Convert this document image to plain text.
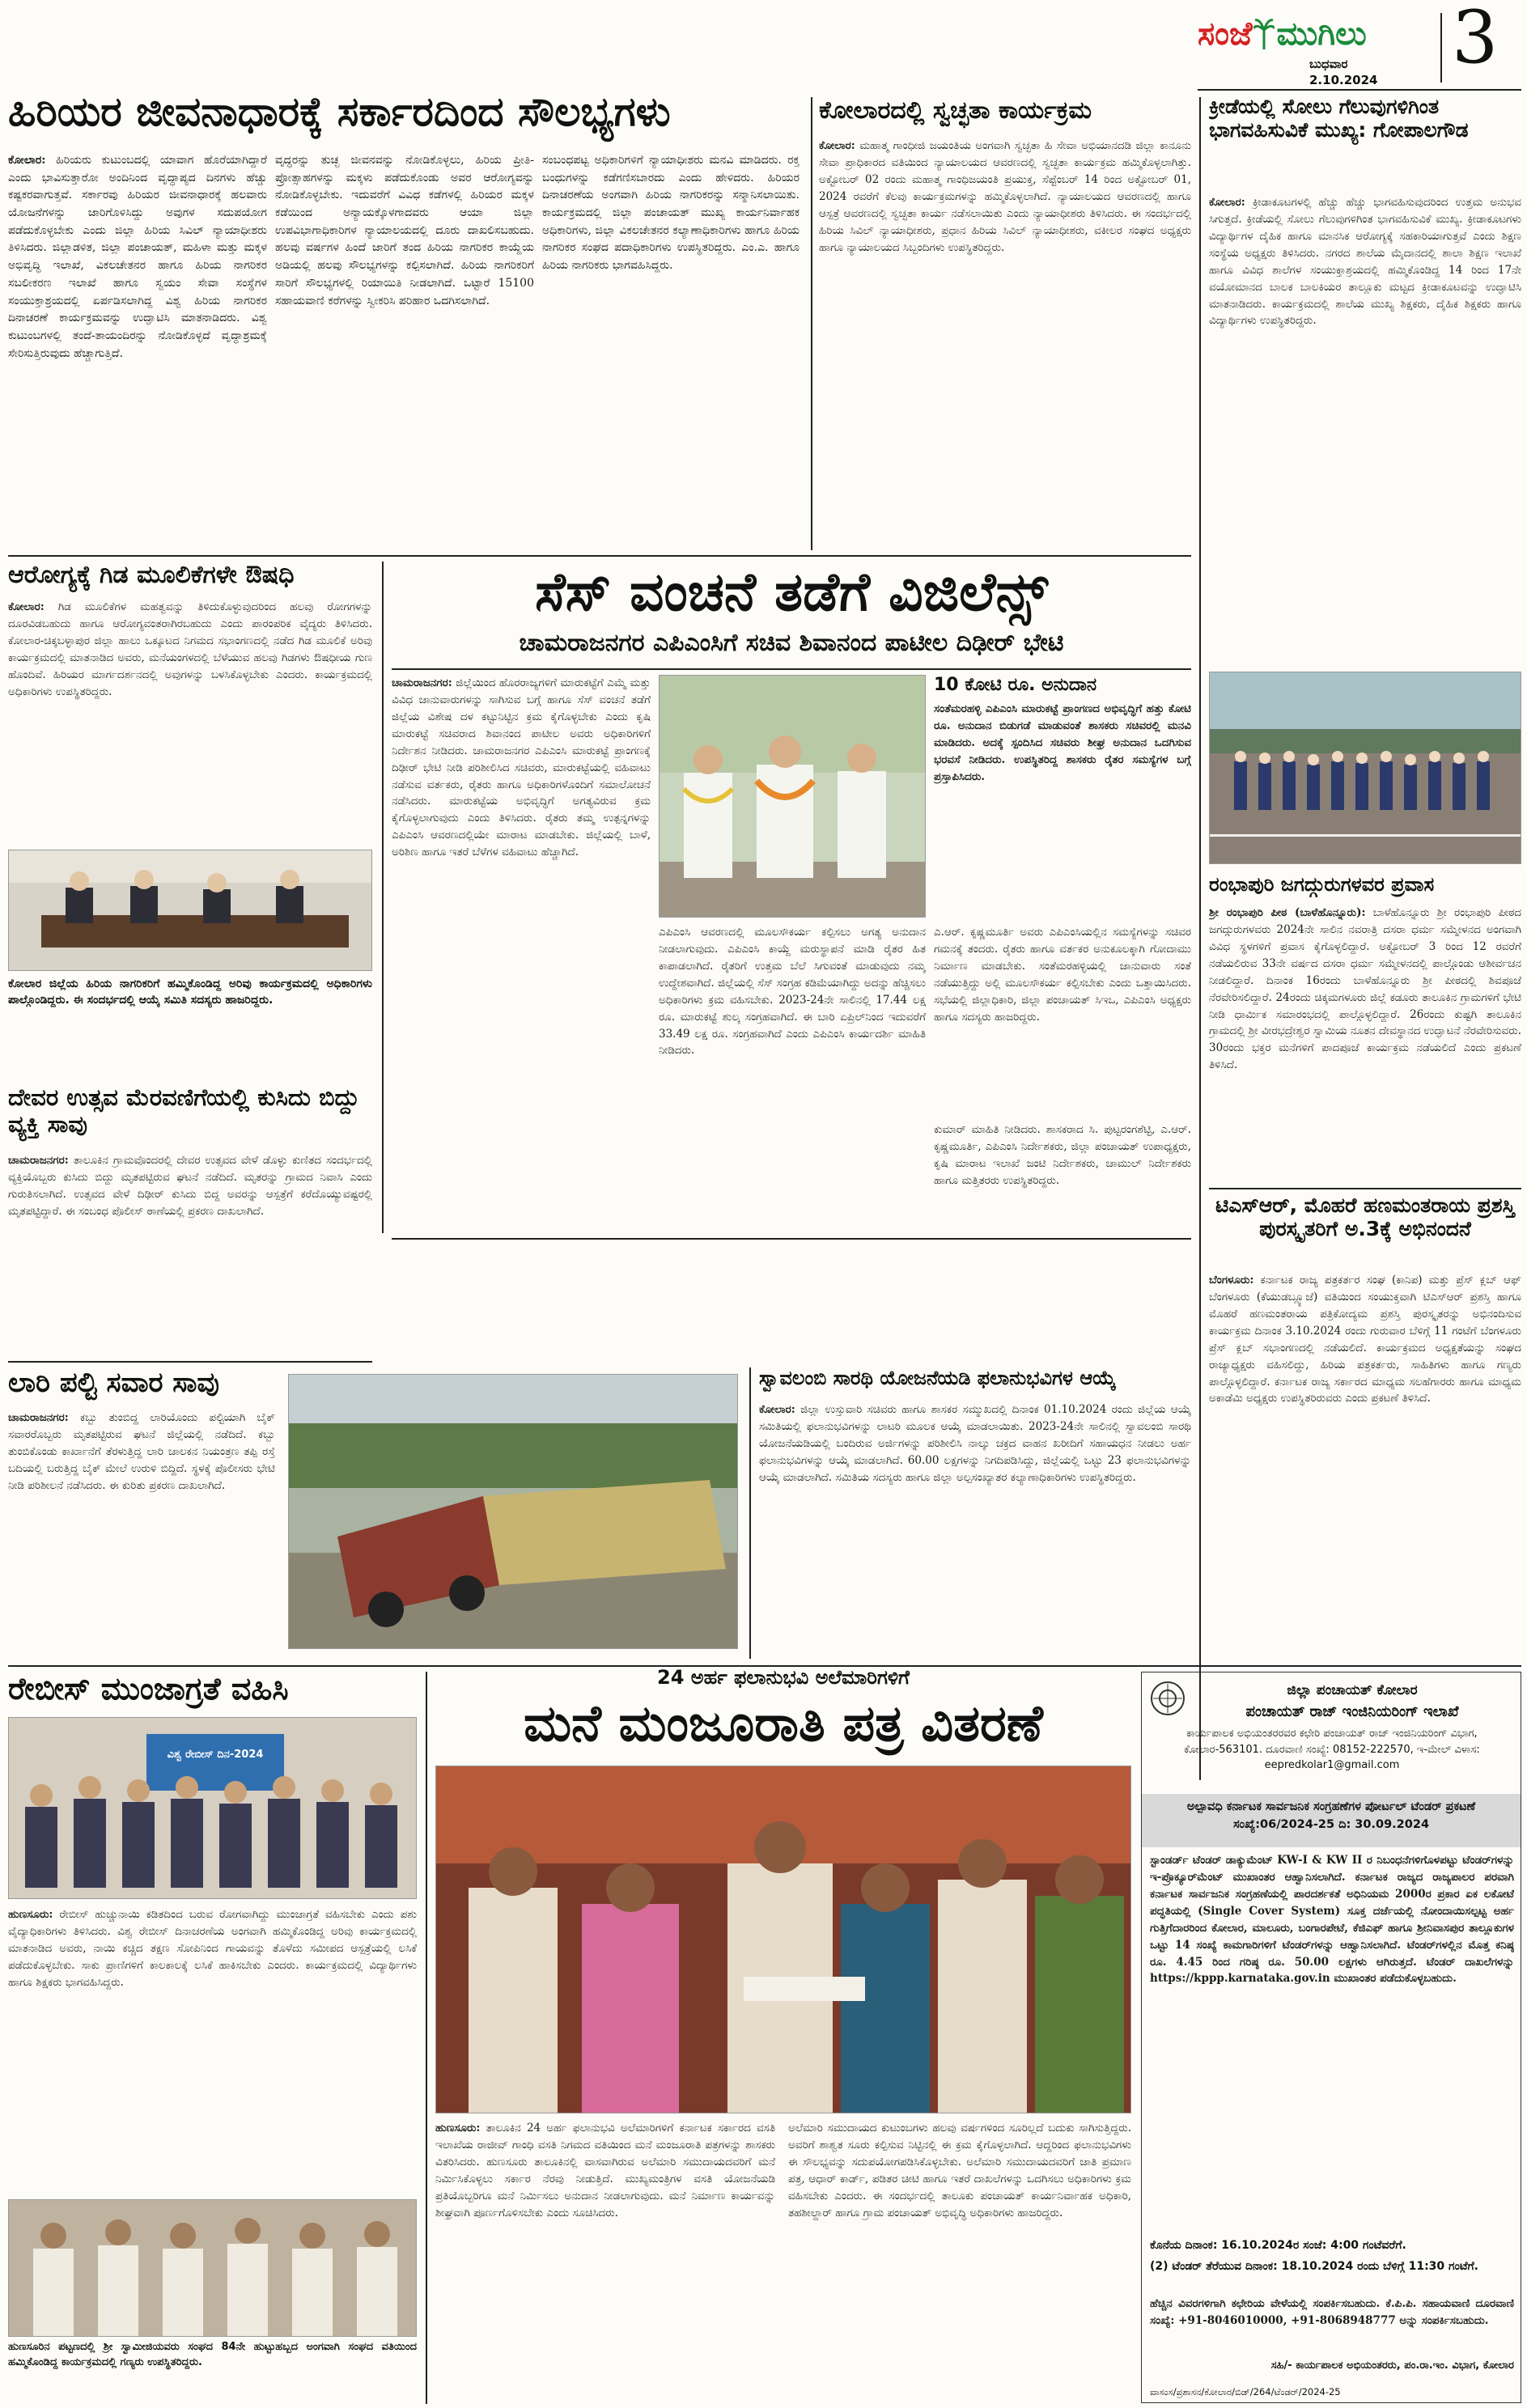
ಸಂಜೆ ಮುಗಿಲು
ಬುಧವಾರ
2.10.2024 3
ಹಿರಿಯರ ಜೀವನಾಧಾರಕ್ಕೆ ಸರ್ಕಾರದಿಂದ ಸೌಲಭ್ಯಗಳು
ಕೋಲಾರ: ಹಿರಿಯರು ಕುಟುಂಬದಲ್ಲಿ ಯಾವಾಗ ಹೊರೆಯಾಗಿದ್ದಾರೆ ಎಂದು ಭಾವಿಸುತ್ತಾರೋ ಅಂದಿನಿಂದ ವೃದ್ಧಾಪ್ಯದ ದಿನಗಳು ಹೆಚ್ಚು ಕಷ್ಟಕರವಾಗುತ್ತವೆ. ಸರ್ಕಾರವು ಹಿರಿಯರ ಜೀವನಾಧಾರಕ್ಕೆ ಹಲವಾರು ಯೋಜನೆಗಳನ್ನು ಜಾರಿಗೊಳಿಸಿದ್ದು ಅವುಗಳ ಸದುಪಯೋಗ ಪಡೆದುಕೊಳ್ಳಬೇಕು ಎಂದು ಜಿಲ್ಲಾ ಹಿರಿಯ ಸಿವಿಲ್ ನ್ಯಾಯಾಧೀಶರು ತಿಳಿಸಿದರು. ಜಿಲ್ಲಾಡಳಿತ, ಜಿಲ್ಲಾ ಪಂಚಾಯತ್, ಮಹಿಳಾ ಮತ್ತು ಮಕ್ಕಳ ಅಭಿವೃದ್ಧಿ ಇಲಾಖೆ, ವಿಕಲಚೇತನರ ಹಾಗೂ ಹಿರಿಯ ನಾಗರಿಕರ ಸಬಲೀಕರಣ ಇಲಾಖೆ ಹಾಗೂ ಸ್ವಯಂ ಸೇವಾ ಸಂಸ್ಥೆಗಳ ಸಂಯುಕ್ತಾಶ್ರಯದಲ್ಲಿ ಏರ್ಪಡಿಸಲಾಗಿದ್ದ ವಿಶ್ವ ಹಿರಿಯ ನಾಗರಿಕರ ದಿನಾಚರಣೆ ಕಾರ್ಯಕ್ರಮವನ್ನು ಉದ್ಘಾಟಿಸಿ ಮಾತನಾಡಿದರು. ವಿಶ್ವ ಕುಟುಂಬಗಳಲ್ಲಿ ತಂದೆ-ತಾಯಂದಿರನ್ನು ನೋಡಿಕೊಳ್ಳದೆ ವೃದ್ಧಾಶ್ರಮಕ್ಕೆ ಸೇರಿಸುತ್ತಿರುವುದು ಹೆಚ್ಚಾಗುತ್ತಿದೆ.
ವೃದ್ಧರನ್ನು ತುಚ್ಛ ಜೀವನವನ್ನು ನೋಡಿಕೊಳ್ಳಲು, ಹಿರಿಯ ಪ್ರೀತಿ-ಪ್ರೋತ್ಸಾಹಗಳನ್ನು ಮಕ್ಕಳು ಪಡೆದುಕೊಂಡು ಅವರ ಆರೋಗ್ಯವನ್ನು ನೋಡಿಕೊಳ್ಳಬೇಕು. ಇದುವರೆಗೆ ವಿವಿಧ ಕಡೆಗಳಲ್ಲಿ ಹಿರಿಯರ ಮಕ್ಕಳ ಕಡೆಯಿಂದ ಅನ್ಯಾಯಕ್ಕೊಳಗಾದವರು ಆಯಾ ಜಿಲ್ಲಾ ಉಪವಿಭಾಗಾಧಿಕಾರಿಗಳ ನ್ಯಾಯಾಲಯದಲ್ಲಿ ದೂರು ದಾಖಲಿಸಬಹುದು. ಹಲವು ವರ್ಷಗಳ ಹಿಂದೆ ಜಾರಿಗೆ ತಂದ ಹಿರಿಯ ನಾಗರಿಕರ ಕಾಯ್ದೆಯ ಅಡಿಯಲ್ಲಿ ಹಲವು ಸೌಲಭ್ಯಗಳನ್ನು ಕಲ್ಪಿಸಲಾಗಿದೆ. ಹಿರಿಯ ನಾಗರಿಕರಿಗೆ ಸಾರಿಗೆ ಸೌಲಭ್ಯಗಳಲ್ಲಿ ರಿಯಾಯಿತಿ ನೀಡಲಾಗಿದೆ. ಒಟ್ಟಾರೆ 15100 ಸಹಾಯವಾಣಿ ಕರೆಗಳನ್ನು ಸ್ವೀಕರಿಸಿ ಪರಿಹಾರ ಒದಗಿಸಲಾಗಿದೆ.
ಸಂಬಂಧಪಟ್ಟ ಅಧಿಕಾರಿಗಳಿಗೆ ನ್ಯಾಯಾಧೀಶರು ಮನವಿ ಮಾಡಿದರು. ರಕ್ತ ಬಂಧುಗಳನ್ನು ಕಡೆಗಣಿಸಬಾರದು ಎಂದು ಹೇಳಿದರು. ಹಿರಿಯರ ದಿನಾಚರಣೆಯ ಅಂಗವಾಗಿ ಹಿರಿಯ ನಾಗರಿಕರನ್ನು ಸನ್ಮಾನಿಸಲಾಯಿತು. ಕಾರ್ಯಕ್ರಮದಲ್ಲಿ ಜಿಲ್ಲಾ ಪಂಚಾಯತ್ ಮುಖ್ಯ ಕಾರ್ಯನಿರ್ವಾಹಕ ಅಧಿಕಾರಿಗಳು, ಜಿಲ್ಲಾ ವಿಕಲಚೇತನರ ಕಲ್ಯಾಣಾಧಿಕಾರಿಗಳು ಹಾಗೂ ಹಿರಿಯ ನಾಗರಿಕರ ಸಂಘದ ಪದಾಧಿಕಾರಿಗಳು ಉಪಸ್ಥಿತರಿದ್ದರು. ಎಂ.ಎ. ಹಾಗೂ ಹಿರಿಯ ನಾಗರಿಕರು ಭಾಗವಹಿಸಿದ್ದರು.
ಕೋಲಾರದಲ್ಲಿ ಸ್ವಚ್ಛತಾ ಕಾರ್ಯಕ್ರಮ
ಕೋಲಾರ: ಮಹಾತ್ಮ ಗಾಂಧೀಜಿ ಜಯಂತಿಯ ಅಂಗವಾಗಿ ಸ್ವಚ್ಛತಾ ಹಿ ಸೇವಾ ಅಭಿಯಾನದಡಿ ಜಿಲ್ಲಾ ಕಾನೂನು ಸೇವಾ ಪ್ರಾಧಿಕಾರದ ವತಿಯಿಂದ ನ್ಯಾಯಾಲಯದ ಆವರಣದಲ್ಲಿ ಸ್ವಚ್ಛತಾ ಕಾರ್ಯಕ್ರಮ ಹಮ್ಮಿಕೊಳ್ಳಲಾಗಿತ್ತು. ಅಕ್ಟೋಬರ್ 02 ರಂದು ಮಹಾತ್ಮ ಗಾಂಧಿಜಯಂತಿ ಪ್ರಯುಕ್ತ, ಸೆಪ್ಟೆಂಬರ್ 14 ರಿಂದ ಅಕ್ಟೋಬರ್ 01, 2024 ರವರೆಗೆ ಕೆಲವು ಕಾರ್ಯಕ್ರಮಗಳನ್ನು ಹಮ್ಮಿಕೊಳ್ಳಲಾಗಿದೆ. ನ್ಯಾಯಾಲಯದ ಆವರಣದಲ್ಲಿ ಹಾಗೂ ಆಸ್ಪತ್ರೆ ಆವರಣದಲ್ಲಿ ಸ್ವಚ್ಛತಾ ಕಾರ್ಯ ನಡೆಸಲಾಯಿತು ಎಂದು ನ್ಯಾಯಾಧೀಶರು ತಿಳಿಸಿದರು. ಈ ಸಂದರ್ಭದಲ್ಲಿ ಹಿರಿಯ ಸಿವಿಲ್ ನ್ಯಾಯಾಧೀಶರು, ಪ್ರಧಾನ ಹಿರಿಯ ಸಿವಿಲ್ ನ್ಯಾಯಾಧೀಶರು, ವಕೀಲರ ಸಂಘದ ಅಧ್ಯಕ್ಷರು ಹಾಗೂ ನ್ಯಾಯಾಲಯದ ಸಿಬ್ಬಂದಿಗಳು ಉಪಸ್ಥಿತರಿದ್ದರು.
ಕ್ರೀಡೆಯಲ್ಲಿ ಸೋಲು ಗೆಲುವುಗಳಿಗಿಂತ ಭಾಗವಹಿಸುವಿಕೆ ಮುಖ್ಯ: ಗೋಪಾಲಗೌಡ
ಕೋಲಾರ: ಕ್ರೀಡಾಕೂಟಗಳಲ್ಲಿ ಹೆಚ್ಚು ಹೆಚ್ಚು ಭಾಗವಹಿಸುವುದರಿಂದ ಉತ್ತಮ ಅನುಭವ ಸಿಗುತ್ತದೆ. ಕ್ರೀಡೆಯಲ್ಲಿ ಸೋಲು ಗೆಲುವುಗಳಿಗಿಂತ ಭಾಗವಹಿಸುವಿಕೆ ಮುಖ್ಯ. ಕ್ರೀಡಾಕೂಟಗಳು ವಿದ್ಯಾರ್ಥಿಗಳ ದೈಹಿಕ ಹಾಗೂ ಮಾನಸಿಕ ಆರೋಗ್ಯಕ್ಕೆ ಸಹಕಾರಿಯಾಗುತ್ತವೆ ಎಂದು ಶಿಕ್ಷಣ ಸಂಸ್ಥೆಯ ಅಧ್ಯಕ್ಷರು ತಿಳಿಸಿದರು. ನಗರದ ಶಾಲೆಯ ಮೈದಾನದಲ್ಲಿ ಶಾಲಾ ಶಿಕ್ಷಣ ಇಲಾಖೆ ಹಾಗೂ ವಿವಿಧ ಶಾಲೆಗಳ ಸಂಯುಕ್ತಾಶ್ರಯದಲ್ಲಿ ಹಮ್ಮಿಕೊಂಡಿದ್ದ 14 ರಿಂದ 17ನೇ ವಯೋಮಾನದ ಬಾಲಕ ಬಾಲಕಿಯರ ತಾಲ್ಲೂಕು ಮಟ್ಟದ ಕ್ರೀಡಾಕೂಟವನ್ನು ಉದ್ಘಾಟಿಸಿ ಮಾತನಾಡಿದರು. ಕಾರ್ಯಕ್ರಮದಲ್ಲಿ ಶಾಲೆಯ ಮುಖ್ಯ ಶಿಕ್ಷಕರು, ದೈಹಿಕ ಶಿಕ್ಷಕರು ಹಾಗೂ ವಿದ್ಯಾರ್ಥಿಗಳು ಉಪಸ್ಥಿತರಿದ್ದರು.
ರಂಭಾಪುರಿ ಜಗದ್ಗುರುಗಳವರ ಪ್ರವಾಸ
ಶ್ರೀ ರಂಭಾಪುರಿ ಪೀಠ (ಬಾಳೆಹೊನ್ನೂರು): ಬಾಳೆಹೊನ್ನೂರು ಶ್ರೀ ರಂಭಾಪುರಿ ಪೀಠದ ಜಗದ್ಗುರುಗಳವರು 2024ನೇ ಸಾಲಿನ ನವರಾತ್ರಿ ದಸರಾ ಧರ್ಮ ಸಮ್ಮೇಳನದ ಅಂಗವಾಗಿ ವಿವಿಧ ಸ್ಥಳಗಳಿಗೆ ಪ್ರವಾಸ ಕೈಗೊಳ್ಳಲಿದ್ದಾರೆ. ಅಕ್ಟೋಬರ್ 3 ರಿಂದ 12 ರವರೆಗೆ ನಡೆಯಲಿರುವ 33ನೇ ವರ್ಷದ ದಸರಾ ಧರ್ಮ ಸಮ್ಮೇಳನದಲ್ಲಿ ಪಾಲ್ಗೊಂಡು ಆಶೀರ್ವಚನ ನೀಡಲಿದ್ದಾರೆ. ದಿನಾಂಕ 16ರಂದು ಬಾಳೆಹೊನ್ನೂರು ಶ್ರೀ ಪೀಠದಲ್ಲಿ ಶಿವಪೂಜೆ ನೆರವೇರಿಸಲಿದ್ದಾರೆ. 24ರಂದು ಚಿಕ್ಕಮಗಳೂರು ಜಿಲ್ಲೆ ಕಡೂರು ತಾಲೂಕಿನ ಗ್ರಾಮಗಳಿಗೆ ಭೇಟಿ ನೀಡಿ ಧಾರ್ಮಿಕ ಸಮಾರಂಭದಲ್ಲಿ ಪಾಲ್ಗೊಳ್ಳಲಿದ್ದಾರೆ. 26ರಂದು ಕುಷ್ಟಗಿ ತಾಲೂಕಿನ ಗ್ರಾಮದಲ್ಲಿ ಶ್ರೀ ವೀರಭದ್ರೇಶ್ವರ ಸ್ವಾಮಿಯ ನೂತನ ದೇವಸ್ಥಾನದ ಉದ್ಘಾಟನೆ ನೆರವೇರಿಸುವರು. 30ರಂದು ಭಕ್ತರ ಮನೆಗಳಿಗೆ ಪಾದಪೂಜೆ ಕಾರ್ಯಕ್ರಮ ನಡೆಯಲಿದೆ ಎಂದು ಪ್ರಕಟಣೆ ತಿಳಿಸಿದೆ.
ಟಿಎಸ್‌ಆರ್, ಮೊಹರೆ ಹಣಮಂತರಾಯ ಪ್ರಶಸ್ತಿ ಪುರಸ್ಕೃತರಿಗೆ ಅ.3ಕ್ಕೆ ಅಭಿನಂದನೆ
ಬೆಂಗಳೂರು: ಕರ್ನಾಟಕ ರಾಜ್ಯ ಪತ್ರಕರ್ತರ ಸಂಘ (ಕಾನಿಪ) ಮತ್ತು ಪ್ರೆಸ್ ಕ್ಲಬ್ ಆಫ್ ಬೆಂಗಳೂರು (ಕೆಯುಡಬ್ಲ್ಯೂಜೆ) ವತಿಯಿಂದ ಸಂಯುಕ್ತವಾಗಿ ಟಿಎಸ್‌ಆರ್ ಪ್ರಶಸ್ತಿ ಹಾಗೂ ಮೊಹರೆ ಹಣಮಂತರಾಯ ಪತ್ರಿಕೋದ್ಯಮ ಪ್ರಶಸ್ತಿ ಪುರಸ್ಕೃತರನ್ನು ಅಭಿನಂದಿಸುವ ಕಾರ್ಯಕ್ರಮ ದಿನಾಂಕ 3.10.2024 ರಂದು ಗುರುವಾರ ಬೆಳಿಗ್ಗೆ 11 ಗಂಟೆಗೆ ಬೆಂಗಳೂರು ಪ್ರೆಸ್ ಕ್ಲಬ್ ಸಭಾಂಗಣದಲ್ಲಿ ನಡೆಯಲಿದೆ. ಕಾರ್ಯಕ್ರಮದ ಅಧ್ಯಕ್ಷತೆಯನ್ನು ಸಂಘದ ರಾಜ್ಯಾಧ್ಯಕ್ಷರು ವಹಿಸಲಿದ್ದು, ಹಿರಿಯ ಪತ್ರಕರ್ತರು, ಸಾಹಿತಿಗಳು ಹಾಗೂ ಗಣ್ಯರು ಪಾಲ್ಗೊಳ್ಳಲಿದ್ದಾರೆ. ಕರ್ನಾಟಕ ರಾಜ್ಯ ಸರ್ಕಾರದ ಮಾಧ್ಯಮ ಸಲಹೆಗಾರರು ಹಾಗೂ ಮಾಧ್ಯಮ ಅಕಾಡೆಮಿ ಅಧ್ಯಕ್ಷರು ಉಪಸ್ಥಿತರಿರುವರು ಎಂದು ಪ್ರಕಟಣೆ ತಿಳಿಸಿದೆ.
ಆರೋಗ್ಯಕ್ಕೆ ಗಿಡ ಮೂಲಿಕೆಗಳೇ ಔಷಧಿ
ಕೋಲಾರ: ಗಿಡ ಮೂಲಿಕೆಗಳ ಮಹತ್ವವನ್ನು ತಿಳಿದುಕೊಳ್ಳುವುದರಿಂದ ಹಲವು ರೋಗಗಳನ್ನು ದೂರವಿಡಬಹುದು ಹಾಗೂ ಆರೋಗ್ಯವಂತರಾಗಿರಬಹುದು ಎಂದು ಪಾರಂಪರಿಕ ವೈದ್ಯರು ತಿಳಿಸಿದರು. ಕೋಲಾರ-ಚಿಕ್ಕಬಳ್ಳಾಪುರ ಜಿಲ್ಲಾ ಹಾಲು ಒಕ್ಕೂಟದ ನಿಗಮದ ಸಭಾಂಗಣದಲ್ಲಿ ನಡೆದ ಗಿಡ ಮೂಲಿಕೆ ಅರಿವು ಕಾರ್ಯಕ್ರಮದಲ್ಲಿ ಮಾತನಾಡಿದ ಅವರು, ಮನೆಯಂಗಳದಲ್ಲಿ ಬೆಳೆಯುವ ಹಲವು ಗಿಡಗಳು ಔಷಧೀಯ ಗುಣ ಹೊಂದಿವೆ. ಹಿರಿಯರ ಮಾರ್ಗದರ್ಶನದಲ್ಲಿ ಅವುಗಳನ್ನು ಬಳಸಿಕೊಳ್ಳಬೇಕು ಎಂದರು. ಕಾರ್ಯಕ್ರಮದಲ್ಲಿ ಅಧಿಕಾರಿಗಳು ಉಪಸ್ಥಿತರಿದ್ದರು.
ಕೋಲಾರ ಜಿಲ್ಲೆಯ ಹಿರಿಯ ನಾಗರಿಕರಿಗೆ ಹಮ್ಮಿಕೊಂಡಿದ್ದ ಅರಿವು ಕಾರ್ಯಕ್ರಮದಲ್ಲಿ ಅಧಿಕಾರಿಗಳು ಪಾಲ್ಗೊಂಡಿದ್ದರು. ಈ ಸಂದರ್ಭದಲ್ಲಿ ಆಯ್ಕೆ ಸಮಿತಿ ಸದಸ್ಯರು ಹಾಜರಿದ್ದರು.
ದೇವರ ಉತ್ಸವ ಮೆರವಣಿಗೆಯಲ್ಲಿ ಕುಸಿದು ಬಿದ್ದು ವ್ಯಕ್ತಿ ಸಾವು
ಚಾಮರಾಜನಗರ: ತಾಲೂಕಿನ ಗ್ರಾಮವೊಂದರಲ್ಲಿ ದೇವರ ಉತ್ಸವದ ವೇಳೆ ಡೊಳ್ಳು ಕುಣಿತದ ಸಂದರ್ಭದಲ್ಲಿ ವ್ಯಕ್ತಿಯೊಬ್ಬರು ಕುಸಿದು ಬಿದ್ದು ಮೃತಪಟ್ಟಿರುವ ಘಟನೆ ನಡೆದಿದೆ. ಮೃತರನ್ನು ಗ್ರಾಮದ ನಿವಾಸಿ ಎಂದು ಗುರುತಿಸಲಾಗಿದೆ. ಉತ್ಸವದ ವೇಳೆ ದಿಢೀರ್ ಕುಸಿದು ಬಿದ್ದ ಅವರನ್ನು ಆಸ್ಪತ್ರೆಗೆ ಕರೆದೊಯ್ಯುವಷ್ಟರಲ್ಲಿ ಮೃತಪಟ್ಟಿದ್ದಾರೆ. ಈ ಸಂಬಂಧ ಪೊಲೀಸ್ ಠಾಣೆಯಲ್ಲಿ ಪ್ರಕರಣ ದಾಖಲಾಗಿದೆ.
ಸೆಸ್ ವಂಚನೆ ತಡೆಗೆ ವಿಜಿಲೆನ್ಸ್
ಚಾಮರಾಜನಗರ ಎಪಿಎಂಸಿಗೆ ಸಚಿವ ಶಿವಾನಂದ ಪಾಟೀಲ ದಿಢೀರ್ ಭೇಟಿ
ಚಾಮರಾಜನಗರ: ಜಿಲ್ಲೆಯಿಂದ ಹೊರರಾಜ್ಯಗಳಿಗೆ ಮಾರುಕಟ್ಟೆಗೆ ಎಮ್ಮೆ ಮತ್ತು ವಿವಿಧ ಜಾನುವಾರುಗಳನ್ನು ಸಾಗಿಸುವ ಬಗ್ಗೆ ಹಾಗೂ ಸೆಸ್ ವಂಚನೆ ತಡೆಗೆ ಜಿಲ್ಲೆಯ ವಿಶೇಷ ದಳ ಕಟ್ಟುನಿಟ್ಟಿನ ಕ್ರಮ ಕೈಗೊಳ್ಳಬೇಕು ಎಂದು ಕೃಷಿ ಮಾರುಕಟ್ಟೆ ಸಚಿವರಾದ ಶಿವಾನಂದ ಪಾಟೀಲ ಅವರು ಅಧಿಕಾರಿಗಳಿಗೆ ನಿರ್ದೇಶನ ನೀಡಿದರು. ಚಾಮರಾಜನಗರ ಎಪಿಎಂಸಿ ಮಾರುಕಟ್ಟೆ ಪ್ರಾಂಗಣಕ್ಕೆ ದಿಢೀರ್ ಭೇಟಿ ನೀಡಿ ಪರಿಶೀಲಿಸಿದ ಸಚಿವರು, ಮಾರುಕಟ್ಟೆಯಲ್ಲಿ ವಹಿವಾಟು ನಡೆಸುವ ವರ್ತಕರು, ರೈತರು ಹಾಗೂ ಅಧಿಕಾರಿಗಳೊಂದಿಗೆ ಸಮಾಲೋಚನೆ ನಡೆಸಿದರು. ಮಾರುಕಟ್ಟೆಯ ಅಭಿವೃದ್ಧಿಗೆ ಅಗತ್ಯವಿರುವ ಕ್ರಮ ಕೈಗೊಳ್ಳಲಾಗುವುದು ಎಂದು ತಿಳಿಸಿದರು. ರೈತರು ತಮ್ಮ ಉತ್ಪನ್ನಗಳನ್ನು ಎಪಿಎಂಸಿ ಆವರಣದಲ್ಲಿಯೇ ಮಾರಾಟ ಮಾಡಬೇಕು. ಜಿಲ್ಲೆಯಲ್ಲಿ ಬಾಳೆ, ಅರಿಶಿಣ ಹಾಗೂ ಇತರೆ ಬೆಳೆಗಳ ವಹಿವಾಟು ಹೆಚ್ಚಾಗಿದೆ.
10 ಕೋಟಿ ರೂ. ಅನುದಾನ
ಸಂತೆಮರಹಳ್ಳಿ ಎಪಿಎಂಸಿ ಮಾರುಕಟ್ಟೆ ಪ್ರಾಂಗಣದ ಅಭಿವೃದ್ಧಿಗೆ ಹತ್ತು ಕೋಟಿ ರೂ. ಅನುದಾನ ಬಿಡುಗಡೆ ಮಾಡುವಂತೆ ಶಾಸಕರು ಸಚಿವರಲ್ಲಿ ಮನವಿ ಮಾಡಿದರು. ಅದಕ್ಕೆ ಸ್ಪಂದಿಸಿದ ಸಚಿವರು ಶೀಘ್ರ ಅನುದಾನ ಒದಗಿಸುವ ಭರವಸೆ ನೀಡಿದರು. ಉಪಸ್ಥಿತರಿದ್ದ ಶಾಸಕರು ರೈತರ ಸಮಸ್ಯೆಗಳ ಬಗ್ಗೆ ಪ್ರಸ್ತಾಪಿಸಿದರು.
ಎಪಿಎಂಸಿ ಆವರಣದಲ್ಲಿ ಮೂಲಸೌಕರ್ಯ ಕಲ್ಪಿಸಲು ಅಗತ್ಯ ಅನುದಾನ ನೀಡಲಾಗುವುದು. ಎಪಿಎಂಸಿ ಕಾಯ್ದೆ ಮರುಸ್ಥಾಪನೆ ಮಾಡಿ ರೈತರ ಹಿತ ಕಾಪಾಡಲಾಗಿದೆ. ರೈತರಿಗೆ ಉತ್ತಮ ಬೆಲೆ ಸಿಗುವಂತೆ ಮಾಡುವುದು ನಮ್ಮ ಉದ್ದೇಶವಾಗಿದೆ. ಜಿಲ್ಲೆಯಲ್ಲಿ ಸೆಸ್ ಸಂಗ್ರಹ ಕಡಿಮೆಯಾಗಿದ್ದು ಅದನ್ನು ಹೆಚ್ಚಿಸಲು ಅಧಿಕಾರಿಗಳು ಕ್ರಮ ವಹಿಸಬೇಕು. 2023-24ನೇ ಸಾಲಿನಲ್ಲಿ 17.44 ಲಕ್ಷ ರೂ. ಮಾರುಕಟ್ಟೆ ಶುಲ್ಕ ಸಂಗ್ರಹವಾಗಿದೆ. ಈ ಬಾರಿ ಏಪ್ರಿಲ್‌ನಿಂದ ಇದುವರೆಗೆ 33.49 ಲಕ್ಷ ರೂ. ಸಂಗ್ರಹವಾಗಿದೆ ಎಂದು ಎಪಿಎಂಸಿ ಕಾರ್ಯದರ್ಶಿ ಮಾಹಿತಿ ನೀಡಿದರು.
ಎ.ಆರ್. ಕೃಷ್ಣಮೂರ್ತಿ ಅವರು ಎಪಿಎಂಸಿಯಲ್ಲಿನ ಸಮಸ್ಯೆಗಳನ್ನು ಸಚಿವರ ಗಮನಕ್ಕೆ ತಂದರು. ರೈತರು ಹಾಗೂ ವರ್ತಕರ ಅನುಕೂಲಕ್ಕಾಗಿ ಗೋದಾಮು ನಿರ್ಮಾಣ ಮಾಡಬೇಕು. ಸಂತೆಮರಹಳ್ಳಿಯಲ್ಲಿ ಜಾನುವಾರು ಸಂತೆ ನಡೆಯುತ್ತಿದ್ದು ಅಲ್ಲಿ ಮೂಲಸೌಕರ್ಯ ಕಲ್ಪಿಸಬೇಕು ಎಂದು ಒತ್ತಾಯಿಸಿದರು. ಸಭೆಯಲ್ಲಿ ಜಿಲ್ಲಾಧಿಕಾರಿ, ಜಿಲ್ಲಾ ಪಂಚಾಯತ್ ಸಿಇಒ, ಎಪಿಎಂಸಿ ಅಧ್ಯಕ್ಷರು ಹಾಗೂ ಸದಸ್ಯರು ಹಾಜರಿದ್ದರು.
ಕುಮಾರ್ ಮಾಹಿತಿ ನೀಡಿದರು. ಶಾಸಕರಾದ ಸಿ. ಪುಟ್ಟರಂಗಶೆಟ್ಟಿ, ಎ.ಆರ್. ಕೃಷ್ಣಮೂರ್ತಿ, ಎಪಿಎಂಸಿ ನಿರ್ದೇಶಕರು, ಜಿಲ್ಲಾ ಪಂಚಾಯತ್ ಉಪಾಧ್ಯಕ್ಷರು, ಕೃಷಿ ಮಾರಾಟ ಇಲಾಖೆ ಜಂಟಿ ನಿರ್ದೇಶಕರು, ಚಾಮುಲ್ ನಿರ್ದೇಶಕರು ಹಾಗೂ ಮತ್ತಿತರರು ಉಪಸ್ಥಿತರಿದ್ದರು.
ಲಾರಿ ಪಲ್ಟಿ ಸವಾರ ಸಾವು
ಚಾಮರಾಜನಗರ: ಕಬ್ಬು ತುಂಬಿದ್ದ ಲಾರಿಯೊಂದು ಪಲ್ಟಿಯಾಗಿ ಬೈಕ್ ಸವಾರರೊಬ್ಬರು ಮೃತಪಟ್ಟಿರುವ ಘಟನೆ ಜಿಲ್ಲೆಯಲ್ಲಿ ನಡೆದಿದೆ. ಕಬ್ಬು ತುಂಬಿಕೊಂಡು ಕಾರ್ಖಾನೆಗೆ ತೆರಳುತ್ತಿದ್ದ ಲಾರಿ ಚಾಲಕನ ನಿಯಂತ್ರಣ ತಪ್ಪಿ ರಸ್ತೆ ಬದಿಯಲ್ಲಿ ಬರುತ್ತಿದ್ದ ಬೈಕ್ ಮೇಲೆ ಉರುಳಿ ಬಿದ್ದಿದೆ. ಸ್ಥಳಕ್ಕೆ ಪೊಲೀಸರು ಭೇಟಿ ನೀಡಿ ಪರಿಶೀಲನೆ ನಡೆಸಿದರು. ಈ ಕುರಿತು ಪ್ರಕರಣ ದಾಖಲಾಗಿದೆ.
ಸ್ವಾವಲಂಬಿ ಸಾರಥಿ ಯೋಜನೆಯಡಿ ಫಲಾನುಭವಿಗಳ ಆಯ್ಕೆ
ಕೋಲಾರ: ಜಿಲ್ಲಾ ಉಸ್ತುವಾರಿ ಸಚಿವರು ಹಾಗೂ ಶಾಸಕರ ಸಮ್ಮುಖದಲ್ಲಿ ದಿನಾಂಕ 01.10.2024 ರಂದು ಜಿಲ್ಲೆಯ ಆಯ್ಕೆ ಸಮಿತಿಯಲ್ಲಿ ಫಲಾನುಭವಿಗಳನ್ನು ಲಾಟರಿ ಮೂಲಕ ಆಯ್ಕೆ ಮಾಡಲಾಯಿತು. 2023-24ನೇ ಸಾಲಿನಲ್ಲಿ ಸ್ವಾವಲಂಬಿ ಸಾರಥಿ ಯೋಜನೆಯಡಿಯಲ್ಲಿ ಬಂದಿರುವ ಅರ್ಜಿಗಳನ್ನು ಪರಿಶೀಲಿಸಿ ನಾಲ್ಕು ಚಕ್ರದ ವಾಹನ ಖರೀದಿಗೆ ಸಹಾಯಧನ ನೀಡಲು ಅರ್ಹ ಫಲಾನುಭವಿಗಳನ್ನು ಆಯ್ಕೆ ಮಾಡಲಾಗಿದೆ. 60.00 ಲಕ್ಷಗಳನ್ನು ನಿಗದಿಪಡಿಸಿದ್ದು, ಜಿಲ್ಲೆಯಲ್ಲಿ ಒಟ್ಟು 23 ಫಲಾನುಭವಿಗಳನ್ನು ಆಯ್ಕೆ ಮಾಡಲಾಗಿದೆ. ಸಮಿತಿಯ ಸದಸ್ಯರು ಹಾಗೂ ಜಿಲ್ಲಾ ಅಲ್ಪಸಂಖ್ಯಾತರ ಕಲ್ಯಾಣಾಧಿಕಾರಿಗಳು ಉಪಸ್ಥಿತರಿದ್ದರು.
ರೇಬೀಸ್ ಮುಂಜಾಗ್ರತೆ ವಹಿಸಿ
ವಿಶ್ವ ರೇಬೀಸ್ ದಿನ-2024
ಹುಣಸೂರು: ರೇಬೀಸ್ ಹುಚ್ಚುನಾಯಿ ಕಡಿತದಿಂದ ಬರುವ ರೋಗವಾಗಿದ್ದು ಮುಂಜಾಗ್ರತೆ ವಹಿಸಬೇಕು ಎಂದು ಪಶು ವೈದ್ಯಾಧಿಕಾರಿಗಳು ತಿಳಿಸಿದರು. ವಿಶ್ವ ರೇಬೀಸ್ ದಿನಾಚರಣೆಯ ಅಂಗವಾಗಿ ಹಮ್ಮಿಕೊಂಡಿದ್ದ ಅರಿವು ಕಾರ್ಯಕ್ರಮದಲ್ಲಿ ಮಾತನಾಡಿದ ಅವರು, ನಾಯಿ ಕಚ್ಚಿದ ತಕ್ಷಣ ಸೋಪಿನಿಂದ ಗಾಯವನ್ನು ತೊಳೆದು ಸಮೀಪದ ಆಸ್ಪತ್ರೆಯಲ್ಲಿ ಲಸಿಕೆ ಪಡೆದುಕೊಳ್ಳಬೇಕು. ಸಾಕು ಪ್ರಾಣಿಗಳಿಗೆ ಕಾಲಕಾಲಕ್ಕೆ ಲಸಿಕೆ ಹಾಕಿಸಬೇಕು ಎಂದರು. ಕಾರ್ಯಕ್ರಮದಲ್ಲಿ ವಿದ್ಯಾರ್ಥಿಗಳು ಹಾಗೂ ಶಿಕ್ಷಕರು ಭಾಗವಹಿಸಿದ್ದರು.
ಹುಣಸೂರಿನ ಪಟ್ಟಣದಲ್ಲಿ ಶ್ರೀ ಸ್ವಾಮೀಜಿಯವರು ಸಂಘದ 84ನೇ ಹುಟ್ಟುಹಬ್ಬದ ಅಂಗವಾಗಿ ಸಂಘದ ವತಿಯಿಂದ ಹಮ್ಮಿಕೊಂಡಿದ್ದ ಕಾರ್ಯಕ್ರಮದಲ್ಲಿ ಗಣ್ಯರು ಉಪಸ್ಥಿತರಿದ್ದರು.
24 ಅರ್ಹ ಫಲಾನುಭವಿ ಅಲೆಮಾರಿಗಳಿಗೆ
ಮನೆ ಮಂಜೂರಾತಿ ಪತ್ರ ವಿತರಣೆ
ಹುಣಸೂರು: ತಾಲೂಕಿನ 24 ಅರ್ಹ ಫಲಾನುಭವಿ ಅಲೆಮಾರಿಗಳಿಗೆ ಕರ್ನಾಟಕ ಸರ್ಕಾರದ ವಸತಿ ಇಲಾಖೆಯ ರಾಜೀವ್ ಗಾಂಧಿ ವಸತಿ ನಿಗಮದ ವತಿಯಿಂದ ಮನೆ ಮಂಜೂರಾತಿ ಪತ್ರಗಳನ್ನು ಶಾಸಕರು ವಿತರಿಸಿದರು. ಹುಣಸೂರು ತಾಲೂಕಿನಲ್ಲಿ ವಾಸವಾಗಿರುವ ಅಲೆಮಾರಿ ಸಮುದಾಯದವರಿಗೆ ಮನೆ ನಿರ್ಮಿಸಿಕೊಳ್ಳಲು ಸರ್ಕಾರ ನೆರವು ನೀಡುತ್ತಿದೆ. ಮುಖ್ಯಮಂತ್ರಿಗಳ ವಸತಿ ಯೋಜನೆಯಡಿ ಪ್ರತಿಯೊಬ್ಬರಿಗೂ ಮನೆ ನಿರ್ಮಿಸಲು ಅನುದಾನ ನೀಡಲಾಗುವುದು. ಮನೆ ನಿರ್ಮಾಣ ಕಾರ್ಯವನ್ನು ಶೀಘ್ರವಾಗಿ ಪೂರ್ಣಗೊಳಿಸಬೇಕು ಎಂದು ಸೂಚಿಸಿದರು.
ಅಲೆಮಾರಿ ಸಮುದಾಯದ ಕುಟುಂಬಗಳು ಹಲವು ವರ್ಷಗಳಿಂದ ಸೂರಿಲ್ಲದೆ ಬದುಕು ಸಾಗಿಸುತ್ತಿದ್ದರು. ಅವರಿಗೆ ಶಾಶ್ವತ ಸೂರು ಕಲ್ಪಿಸುವ ನಿಟ್ಟಿನಲ್ಲಿ ಈ ಕ್ರಮ ಕೈಗೊಳ್ಳಲಾಗಿದೆ. ಆದ್ದರಿಂದ ಫಲಾನುಭವಿಗಳು ಈ ಸೌಲಭ್ಯವನ್ನು ಸದುಪಯೋಗಪಡಿಸಿಕೊಳ್ಳಬೇಕು. ಅಲೆಮಾರಿ ಸಮುದಾಯದವರಿಗೆ ಜಾತಿ ಪ್ರಮಾಣ ಪತ್ರ, ಆಧಾರ್ ಕಾರ್ಡ್, ಪಡಿತರ ಚೀಟಿ ಹಾಗೂ ಇತರೆ ದಾಖಲೆಗಳನ್ನು ಒದಗಿಸಲು ಅಧಿಕಾರಿಗಳು ಕ್ರಮ ವಹಿಸಬೇಕು ಎಂದರು. ಈ ಸಂದರ್ಭದಲ್ಲಿ ತಾಲೂಕು ಪಂಚಾಯತ್ ಕಾರ್ಯನಿರ್ವಾಹಕ ಅಧಿಕಾರಿ, ತಹಶೀಲ್ದಾರ್ ಹಾಗೂ ಗ್ರಾಮ ಪಂಚಾಯತ್ ಅಭಿವೃದ್ಧಿ ಅಧಿಕಾರಿಗಳು ಹಾಜರಿದ್ದರು.
ಜಿಲ್ಲಾ ಪಂಚಾಯತ್ ಕೋಲಾರ
ಪಂಚಾಯತ್ ರಾಜ್ ಇಂಜಿನಿಯರಿಂಗ್ ಇಲಾಖೆ
ಕಾರ್ಯಪಾಲಕ ಅಭಿಯಂತರರವರ ಕಛೇರಿ ಪಂಚಾಯತ್ ರಾಜ್ ಇಂಜಿನಿಯರಿಂಗ್ ವಿಭಾಗ, ಕೋಲಾರ-563101. ದೂರವಾಣಿ ಸಂಖ್ಯೆ: 08152-222570, ಇ-ಮೇಲ್ ವಿಳಾಸ: eepredkolar1@gmail.com
ಅಲ್ಪಾವಧಿ ಕರ್ನಾಟಕ ಸಾರ್ವಜನಿಕ ಸಂಗ್ರಹಣೆಗಳ ಪೋರ್ಟಲ್ ಟೆಂಡರ್ ಪ್ರಕಟಣೆ ಸಂಖ್ಯೆ:06/2024-25 ದಿ: 30.09.2024
ಸ್ಟಾಂಡರ್ಡ್ ಟೆಂಡರ್ ಡಾಕ್ಯುಮೆಂಟ್ KW-I & KW II ರ ನಿಬಂಧನೆಗಳಿಗೊಳಪಟ್ಟು ಟೆಂಡರ್‌ಗಳನ್ನು ಇ-ಪ್ರೊಕ್ಯೂರ್‌ಮೆಂಟ್ ಮುಖಾಂತರ ಆಹ್ವಾನಿಸಲಾಗಿದೆ. ಕರ್ನಾಟಕ ರಾಜ್ಯದ ರಾಜ್ಯಪಾಲರ ಪರವಾಗಿ ಕರ್ನಾಟಕ ಸಾರ್ವಜನಿಕ ಸಂಗ್ರಹಣೆಯಲ್ಲಿ ಪಾರದರ್ಶಕತೆ ಅಧಿನಿಯಮ 2000ರ ಪ್ರಕಾರ ಏಕ ಲಕೋಟೆ ಪದ್ಧತಿಯಲ್ಲಿ (Single Cover System) ಸೂಕ್ತ ದರ್ಜೆಯಲ್ಲಿ ನೋಂದಾಯಿಸಲ್ಪಟ್ಟ ಅರ್ಹ ಗುತ್ತಿಗೆದಾರರಿಂದ ಕೋಲಾರ, ಮಾಲೂರು, ಬಂಗಾರಪೇಟೆ, ಕೆಜಿಎಫ್ ಹಾಗೂ ಶ್ರೀನಿವಾಸಪುರ ತಾಲ್ಲೂಕುಗಳ ಒಟ್ಟು 14 ಸಂಖ್ಯೆ ಕಾಮಗಾರಿಗಳಿಗೆ ಟೆಂಡರ್‌ಗಳನ್ನು ಆಹ್ವಾನಿಸಲಾಗಿದೆ. ಟೆಂಡರ್‌ಗಳಲ್ಲಿನ ಮೊತ್ತ ಕನಿಷ್ಠ ರೂ. 4.45 ರಿಂದ ಗರಿಷ್ಠ ರೂ. 50.00 ಲಕ್ಷಗಳು ಆಗಿರುತ್ತದೆ. ಟೆಂಡರ್ ದಾಖಲೆಗಳನ್ನು https://kppp.karnataka.gov.in ಮುಖಾಂತರ ಪಡೆದುಕೊಳ್ಳಬಹುದು.
ಕೊನೆಯ ದಿನಾಂಕ: 16.10.2024ರ ಸಂಜೆ: 4:00 ಗಂಟೆವರೆಗೆ.
(2) ಟೆಂಡರ್ ತೆರೆಯುವ ದಿನಾಂಕ: 18.10.2024 ರಂದು ಬೆಳಿಗ್ಗೆ 11:30 ಗಂಟೆಗೆ.
ಹೆಚ್ಚಿನ ವಿವರಗಳಿಗಾಗಿ ಕಛೇರಿಯ ವೇಳೆಯಲ್ಲಿ ಸಂಪರ್ಕಿಸಬಹುದು. ಕೆ.ಪಿ.ಪಿ. ಸಹಾಯವಾಣಿ ದೂರವಾಣಿ ಸಂಖ್ಯೆ: +91-8046010000, +91-8068948777 ಅನ್ನು ಸಂಪರ್ಕಿಸಬಹುದು.
ಸಹಿ/- ಕಾರ್ಯಪಾಲಕ ಅಭಿಯಂತರರು, ಪಂ.ರಾ.ಇಂ. ವಿಭಾಗ, ಕೋಲಾರ
ವಾಸಂಸ/ಪ್ರಶಾಸನ/ಕೋಲಾರ/ಬಿಡ್/264/ಟೆಂಡರ್/2024-25
